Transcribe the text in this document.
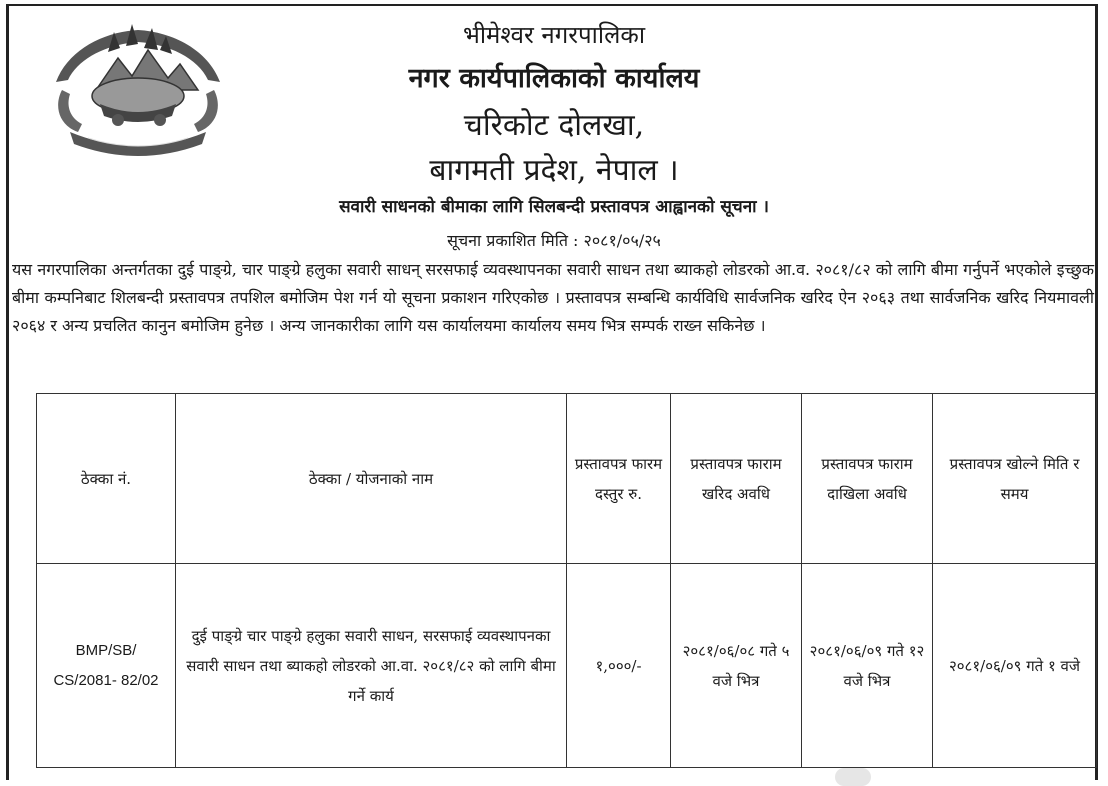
भीमेश्वर नगरपालिका
नगर कार्यपालिकाको कार्यालय
चरिकोट दोलखा,
बागमती प्रदेश, नेपाल ।
सवारी साधनको बीमाका लागि सिलबन्दी प्रस्तावपत्र आह्वानको सूचना ।
सूचना प्रकाशित मिति : २०८१/०५/२५
यस नगरपालिका अन्तर्गतका दुई पाङ्ग्रे, चार पाङ्ग्रे हलुका सवारी साधन् सरसफाई व्यवस्थापनका सवारी साधन तथा ब्याकहो लोडरको आ.व. २०८१/८२ को लागि बीमा गर्नुपर्ने भएकोले इच्छुक बीमा कम्पनिबाट शिलबन्दी प्रस्तावपत्र तपशिल बमोजिम पेश गर्न यो सूचना प्रकाशन गरिएकोछ । प्रस्तावपत्र सम्बन्धि कार्यविधि सार्वजनिक खरिद ऐन २०६३ तथा सार्वजनिक खरिद नियमावली २०६४ र अन्य प्रचलित कानुन बमोजिम हुनेछ । अन्य जानकारीका लागि यस कार्यालयमा कार्यालय समय भित्र सम्पर्क राख्न सकिनेछ ।
ठेक्का नं.	ठेक्का / योजनाको नाम	प्रस्तावपत्र फारम दस्तुर रु.	प्रस्तावपत्र फाराम खरिद अवधि	प्रस्तावपत्र फाराम दाखिला अवधि	प्रस्तावपत्र खोल्ने मिति र समय
BMP/SB/ CS/2081- 82/02	दुई पाङ्ग्रे चार पाङ्ग्रे हलुका सवारी साधन, सरसफाई व्यवस्थापनका सवारी साधन तथा ब्याकहो लोडरको आ.वा. २०८१/८२ को लागि बीमा गर्ने कार्य	१,०००/-	२०८१/०६/०८ गते ५ वजे भित्र	२०८१/०६/०९ गते १२ वजे भित्र	२०८१/०६/०९ गते १ वजे
